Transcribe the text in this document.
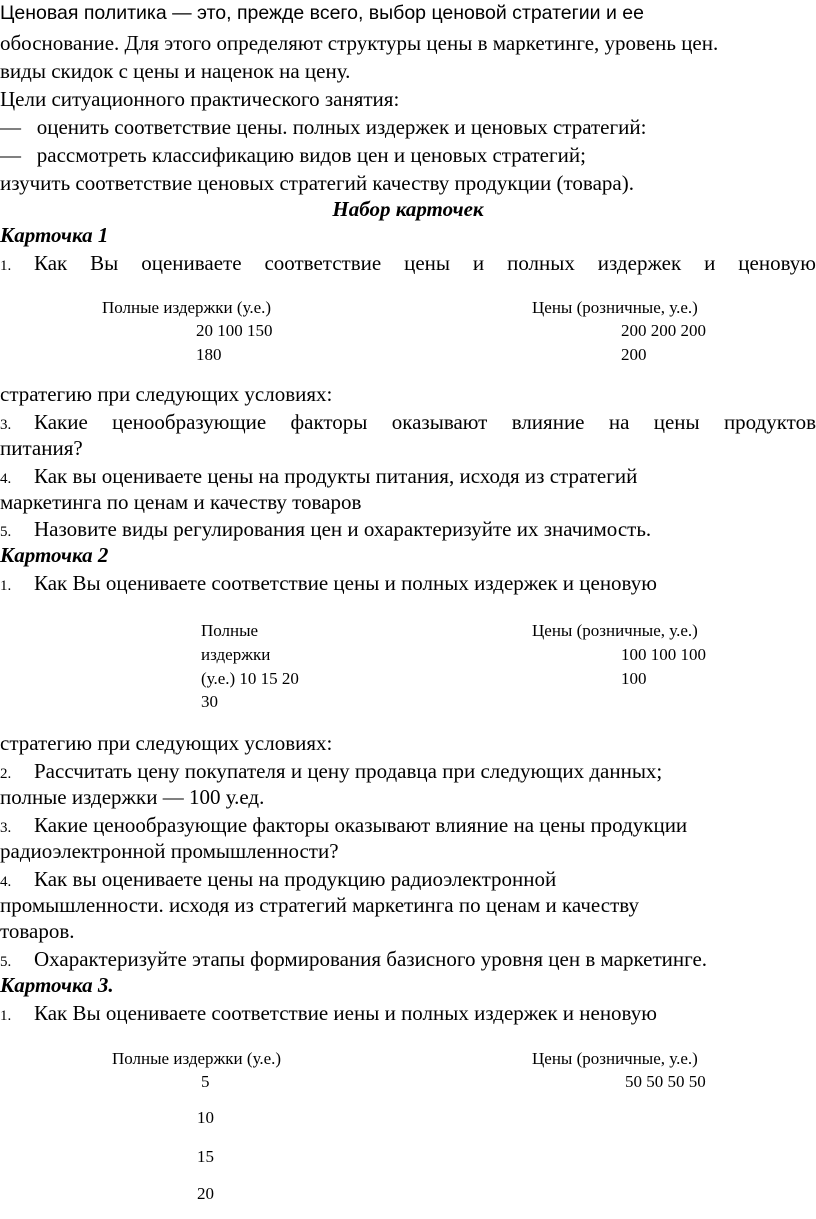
Ценовая политика — это, прежде всего, выбор ценовой стратегии и ее
обоснование. Для этого определяют структуры цены в маркетинге, уровень цен.
виды скидок с цены и наценок на цену.
Цели ситуационного практического занятия:
— оценить соответствие цены. полных издержек и ценовых стратегий:
— рассмотреть классификацию видов цен и ценовых стратегий;
изучить соответствие ценовых стратегий качеству продукции (товара).
Набор карточек
Карточка 1
1. Как Вы оцениваете соответствие цены и полных издержек и ценовую
Полные издержки (у.е.)	Цены (розничные, у.е.)
20 100 150	200 200 200
180	200
стратегию при следующих условиях:
3. Какие ценообразующие факторы оказывают влияние на цены продуктов
питания?
4. Как вы оцениваете цены на продукты питания, исходя из стратегий
маркетинга по ценам и качеству товаров
5. Назовите виды регулирования цен и охарактеризуйте их значимость.
Карточка 2
1. Как Вы оцениваете соответствие цены и полных издержек и ценовую
Полные	Цены (розничные, у.е.)
издержки	100 100 100
(у.е.) 10 15 20	100
30
стратегию при следующих условиях:
2. Рассчитать цену покупателя и цену продавца при следующих данных;
полные издержки — 100 у.ед.
3. Какие ценообразующие факторы оказывают влияние на цены продукции
радиоэлектронной промышленности?
4. Как вы оцениваете цены на продукцию радиоэлектронной
промышленности. исходя из стратегий маркетинга по ценам и качеству
товаров.
5. Охарактеризуйте этапы формирования базисного уровня цен в маркетинге.
Карточка 3.
1. Как Вы оцениваете соответствие иены и полных издержек и неновую
Полные издержки (у.е.)	Цены (розничные, у.е.)
5	50 50 50 50
10
15
20
